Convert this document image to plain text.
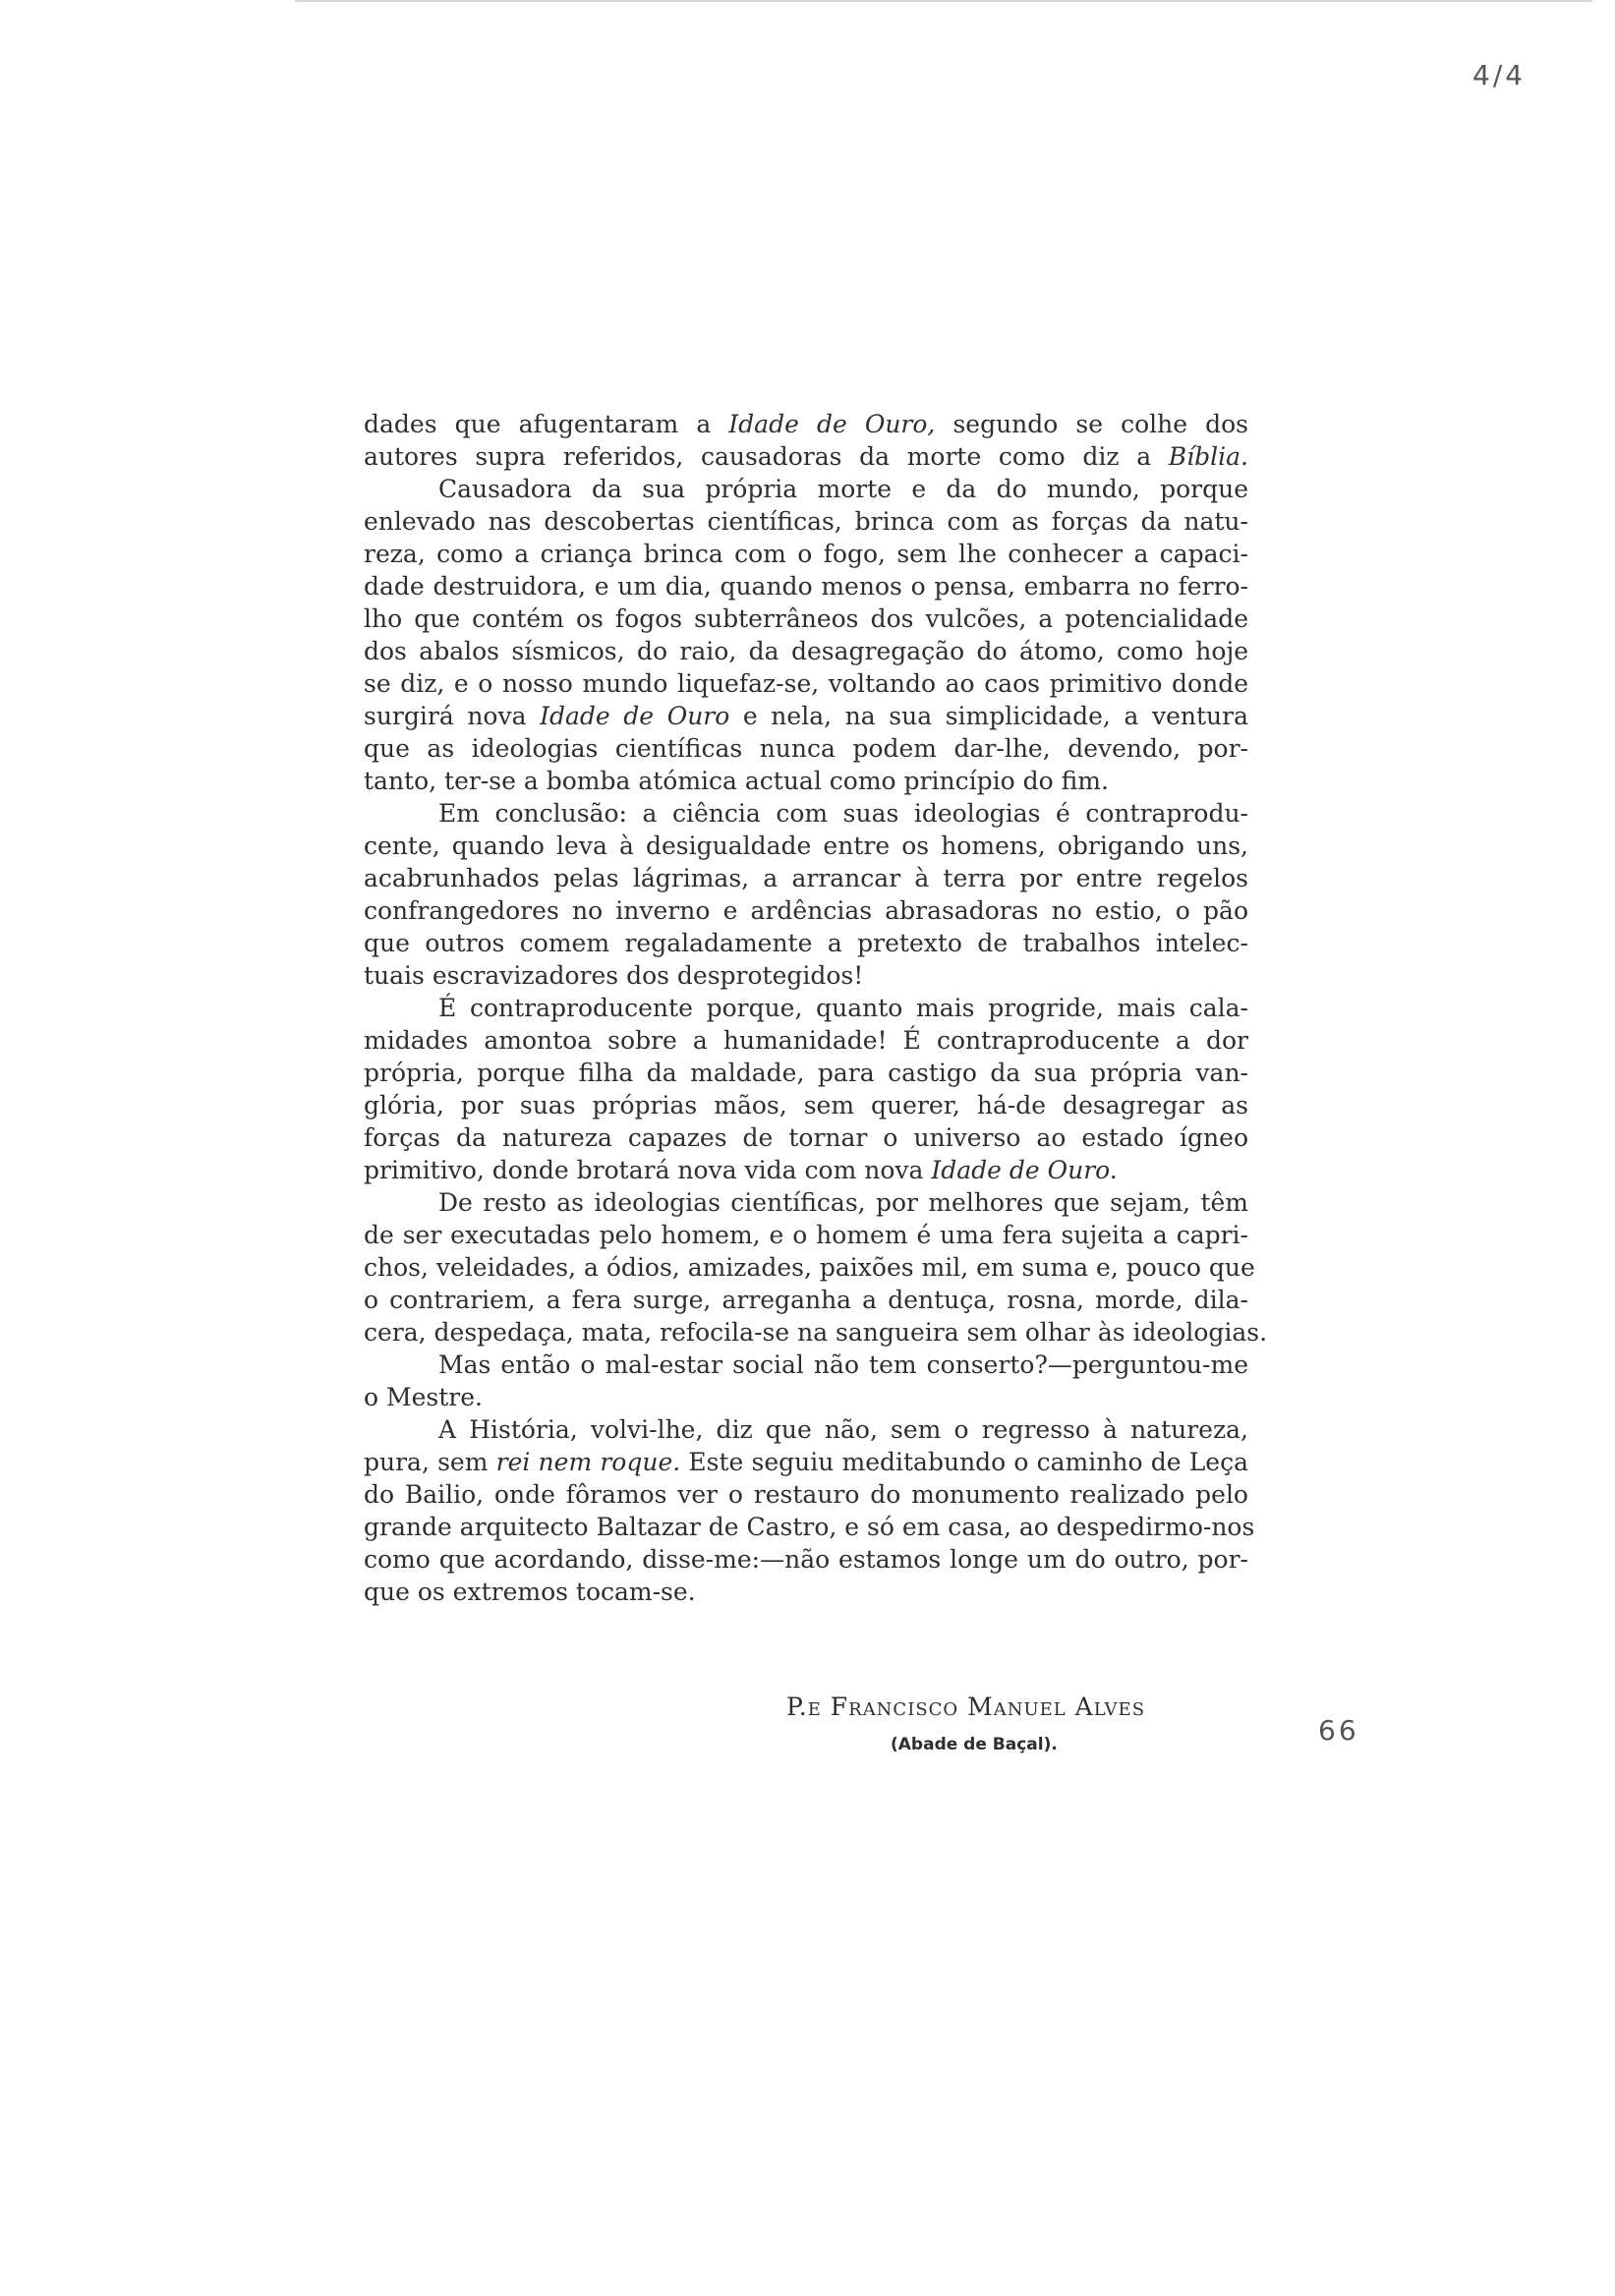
4/4
dades que afugentaram a Idade de Ouro, segundo se colhe dos
autores supra referidos, causadoras da morte como diz a Bíblia.
Causadora da sua própria morte e da do mundo, porque
enlevado nas descobertas científicas, brinca com as forças da natu-
reza, como a criança brinca com o fogo, sem lhe conhecer a capaci-
dade destruidora, e um dia, quando menos o pensa, embarra no ferro-
lho que contém os fogos subterrâneos dos vulcões, a potencialidade
dos abalos sísmicos, do raio, da desagregação do átomo, como hoje
se diz, e o nosso mundo liquefaz-se, voltando ao caos primitivo donde
surgirá nova Idade de Ouro e nela, na sua simplicidade, a ventura
que as ideologias científicas nunca podem dar-lhe, devendo, por-
tanto, ter-se a bomba atómica actual como princípio do fim.
Em conclusão: a ciência com suas ideologias é contraprodu-
cente, quando leva à desigualdade entre os homens, obrigando uns,
acabrunhados pelas lágrimas, a arrancar à terra por entre regelos
confrangedores no inverno e ardências abrasadoras no estio, o pão
que outros comem regaladamente a pretexto de trabalhos intelec-
tuais escravizadores dos desprotegidos!
É contraproducente porque, quanto mais progride, mais cala-
midades amontoa sobre a humanidade! É contraproducente a dor
própria, porque filha da maldade, para castigo da sua própria van-
glória, por suas próprias mãos, sem querer, há-de desagregar as
forças da natureza capazes de tornar o universo ao estado ígneo
primitivo, donde brotará nova vida com nova Idade de Ouro.
De resto as ideologias científicas, por melhores que sejam, têm
de ser executadas pelo homem, e o homem é uma fera sujeita a capri-
chos, veleidades, a ódios, amizades, paixões mil, em suma e, pouco que
o contrariem, a fera surge, arreganha a dentuça, rosna, morde, dila-
cera, despedaça, mata, refocila-se na sangueira sem olhar às ideologias.
Mas então o mal-estar social não tem conserto?—perguntou-me
o Mestre.
A História, volvi-lhe, diz que não, sem o regresso à natureza,
pura, sem rei nem roque. Este seguiu meditabundo o caminho de Leça
do Bailio, onde fôramos ver o restauro do monumento realizado pelo
grande arquitecto Baltazar de Castro, e só em casa, ao despedirmo-nos
como que acordando, disse-me:—não estamos longe um do outro, por-
que os extremos tocam-se.
P.e Francisco Manuel Alves
(Abade de Baçal).	66
